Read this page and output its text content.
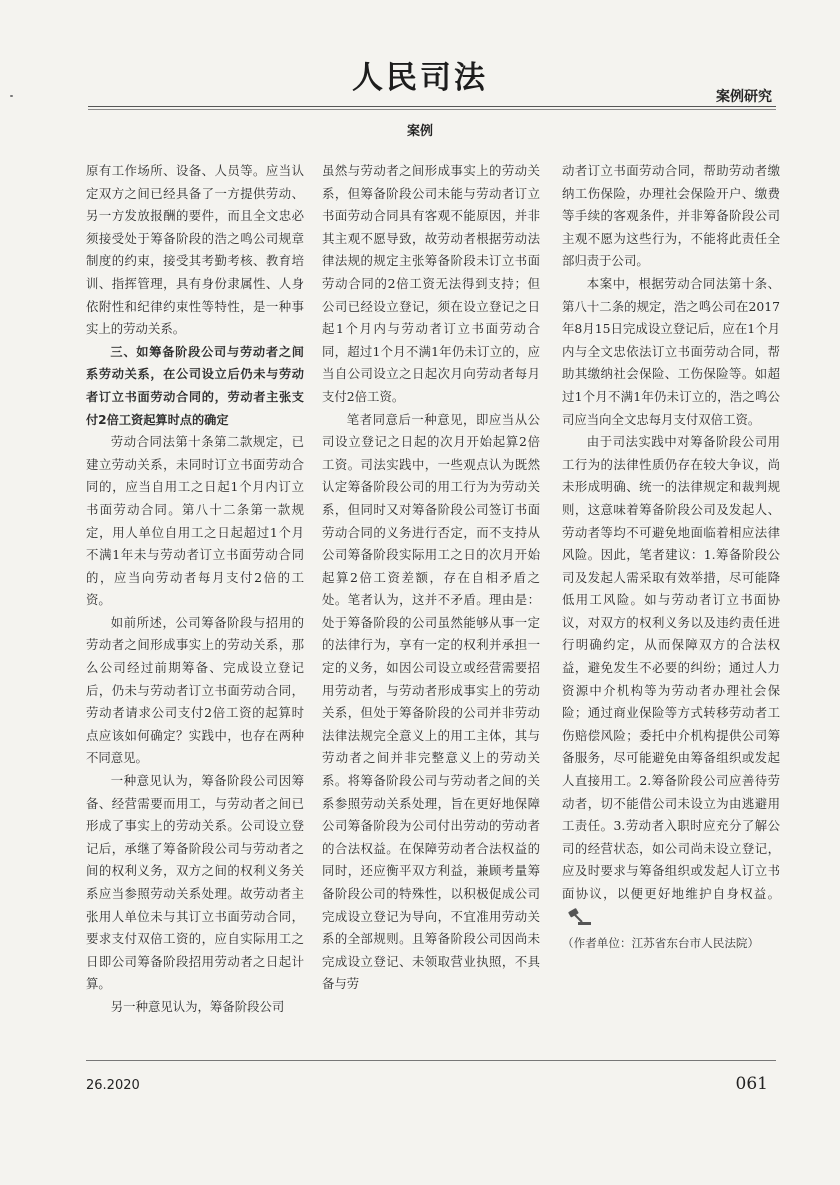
人民司法
案例研究
案例

原有工作场所、设备、人员等。应当认定双方之间已经具备了一方提供劳动、另一方发放报酬的要件，而且全文忠必须接受处于筹备阶段的浩之鸣公司规章制度的约束，接受其考勤考核、教育培训、指挥管理，具有身份隶属性、人身依附性和纪律约束性等特性，是一种事实上的劳动关系。

三、如筹备阶段公司与劳动者之间系劳动关系，在公司设立后仍未与劳动者订立书面劳动合同的，劳动者主张支付2倍工资起算时点的确定

劳动合同法第十条第二款规定，已建立劳动关系，未同时订立书面劳动合同的，应当自用工之日起1个月内订立书面劳动合同。第八十二条第一款规定，用人单位自用工之日起超过1个月不满1年未与劳动者订立书面劳动合同的，应当向劳动者每月支付2倍的工资。

如前所述，公司筹备阶段与招用的劳动者之间形成事实上的劳动关系，那么公司经过前期筹备、完成设立登记后，仍未与劳动者订立书面劳动合同，劳动者请求公司支付2倍工资的起算时点应该如何确定？实践中，也存在两种不同意见。

一种意见认为，筹备阶段公司因筹备、经营需要而用工，与劳动者之间已形成了事实上的劳动关系。公司设立登记后，承继了筹备阶段公司与劳动者之间的权利义务，双方之间的权利义务关系应当参照劳动关系处理。故劳动者主张用人单位未与其订立书面劳动合同，要求支付双倍工资的，应自实际用工之日即公司筹备阶段招用劳动者之日起计算。

另一种意见认为，筹备阶段公司

虽然与劳动者之间形成事实上的劳动关系，但筹备阶段公司未能与劳动者订立书面劳动合同具有客观不能原因，并非其主观不愿导致，故劳动者根据劳动法律法规的规定主张筹备阶段未订立书面劳动合同的2倍工资无法得到支持；但公司已经设立登记，须在设立登记之日起1个月内与劳动者订立书面劳动合同，超过1个月不满1年仍未订立的，应当自公司设立之日起次月向劳动者每月支付2倍工资。

笔者同意后一种意见，即应当从公司设立登记之日起的次月开始起算2倍工资。司法实践中，一些观点认为既然认定筹备阶段公司的用工行为为劳动关系，但同时又对筹备阶段公司签订书面劳动合同的义务进行否定，而不支持从公司筹备阶段实际用工之日的次月开始起算2倍工资差额，存在自相矛盾之处。笔者认为，这并不矛盾。理由是：处于筹备阶段的公司虽然能够从事一定的法律行为，享有一定的权利并承担一定的义务，如因公司设立或经营需要招用劳动者，与劳动者形成事实上的劳动关系，但处于筹备阶段的公司并非劳动法律法规完全意义上的用工主体，其与劳动者之间并非完整意义上的劳动关系。将筹备阶段公司与劳动者之间的关系参照劳动关系处理，旨在更好地保障公司筹备阶段为公司付出劳动的劳动者的合法权益。在保障劳动者合法权益的同时，还应衡平双方利益，兼顾考量筹备阶段公司的特殊性，以积极促成公司完成设立登记为导向，不宜准用劳动关系的全部规则。且筹备阶段公司因尚未完成设立登记、未领取营业执照，不具备与劳

动者订立书面劳动合同，帮助劳动者缴纳工伤保险，办理社会保险开户、缴费等手续的客观条件，并非筹备阶段公司主观不愿为这些行为，不能将此责任全部归责于公司。

本案中，根据劳动合同法第十条、第八十二条的规定，浩之鸣公司在2017年8月15日完成设立登记后，应在1个月内与全文忠依法订立书面劳动合同，帮助其缴纳社会保险、工伤保险等。如超过1个月不满1年仍未订立的，浩之鸣公司应当向全文忠每月支付双倍工资。

由于司法实践中对筹备阶段公司用工行为的法律性质仍存在较大争议，尚未形成明确、统一的法律规定和裁判规则，这意味着筹备阶段公司及发起人、劳动者等均不可避免地面临着相应法律风险。因此，笔者建议：1.筹备阶段公司及发起人需采取有效举措，尽可能降低用工风险。如与劳动者订立书面协议，对双方的权利义务以及违约责任进行明确约定，从而保障双方的合法权益，避免发生不必要的纠纷；通过人力资源中介机构等为劳动者办理社会保险；通过商业保险等方式转移劳动者工伤赔偿风险；委托中介机构提供公司筹备服务，尽可能避免由筹备组织或发起人直接用工。2.筹备阶段公司应善待劳动者，切不能借公司未设立为由逃避用工责任。3.劳动者入职时应充分了解公司的经营状态，如公司尚未设立登记，应及时要求与筹备组织或发起人订立书面协议，以便更好地维护自身权益。

（作者单位：江苏省东台市人民法院）
26.2020	061
